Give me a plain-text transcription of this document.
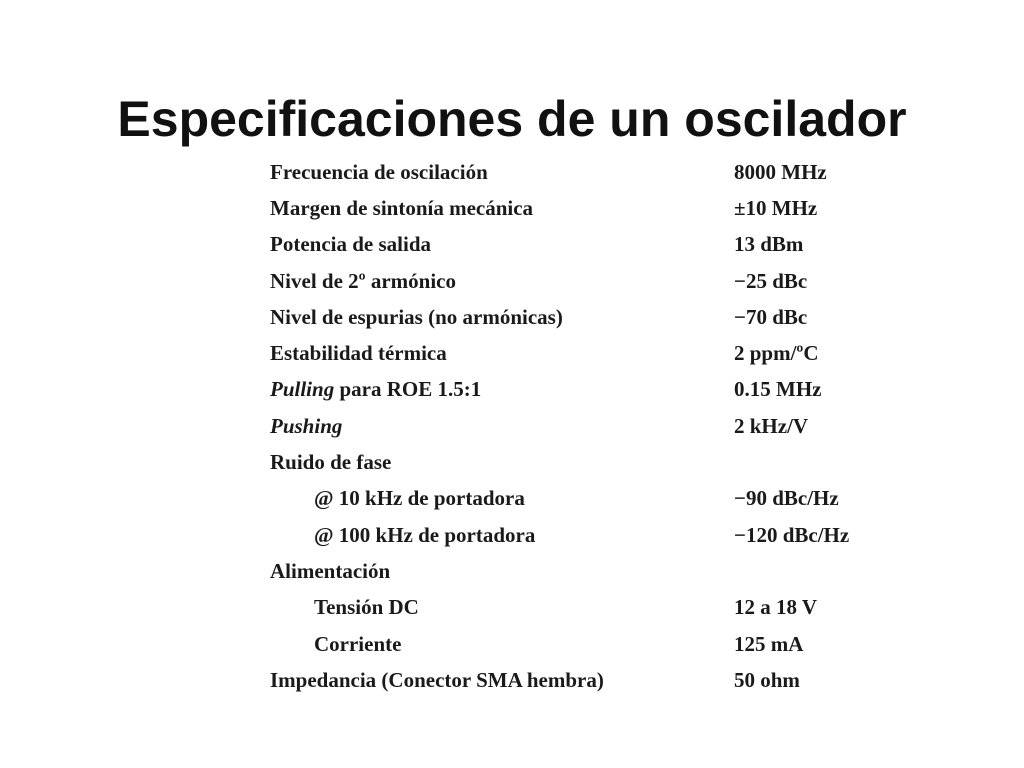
Especificaciones de un oscilador
Frecuencia de oscilación	8000 MHz
Margen de sintonía mecánica	±10 MHz
Potencia de salida	13 dBm
Nivel de 2º armónico	−25 dBc
Nivel de espurias (no armónicas)	−70 dBc
Estabilidad térmica	2 ppm/ºC
Pulling para ROE 1.5:1	0.15 MHz
Pushing	2 kHz/V
Ruido de fase	
@ 10 kHz de portadora	−90 dBc/Hz
@ 100 kHz de portadora	−120 dBc/Hz
Alimentación	
Tensión DC	12 a 18 V
Corriente	125 mA
Impedancia (Conector SMA hembra)	50 ohm
